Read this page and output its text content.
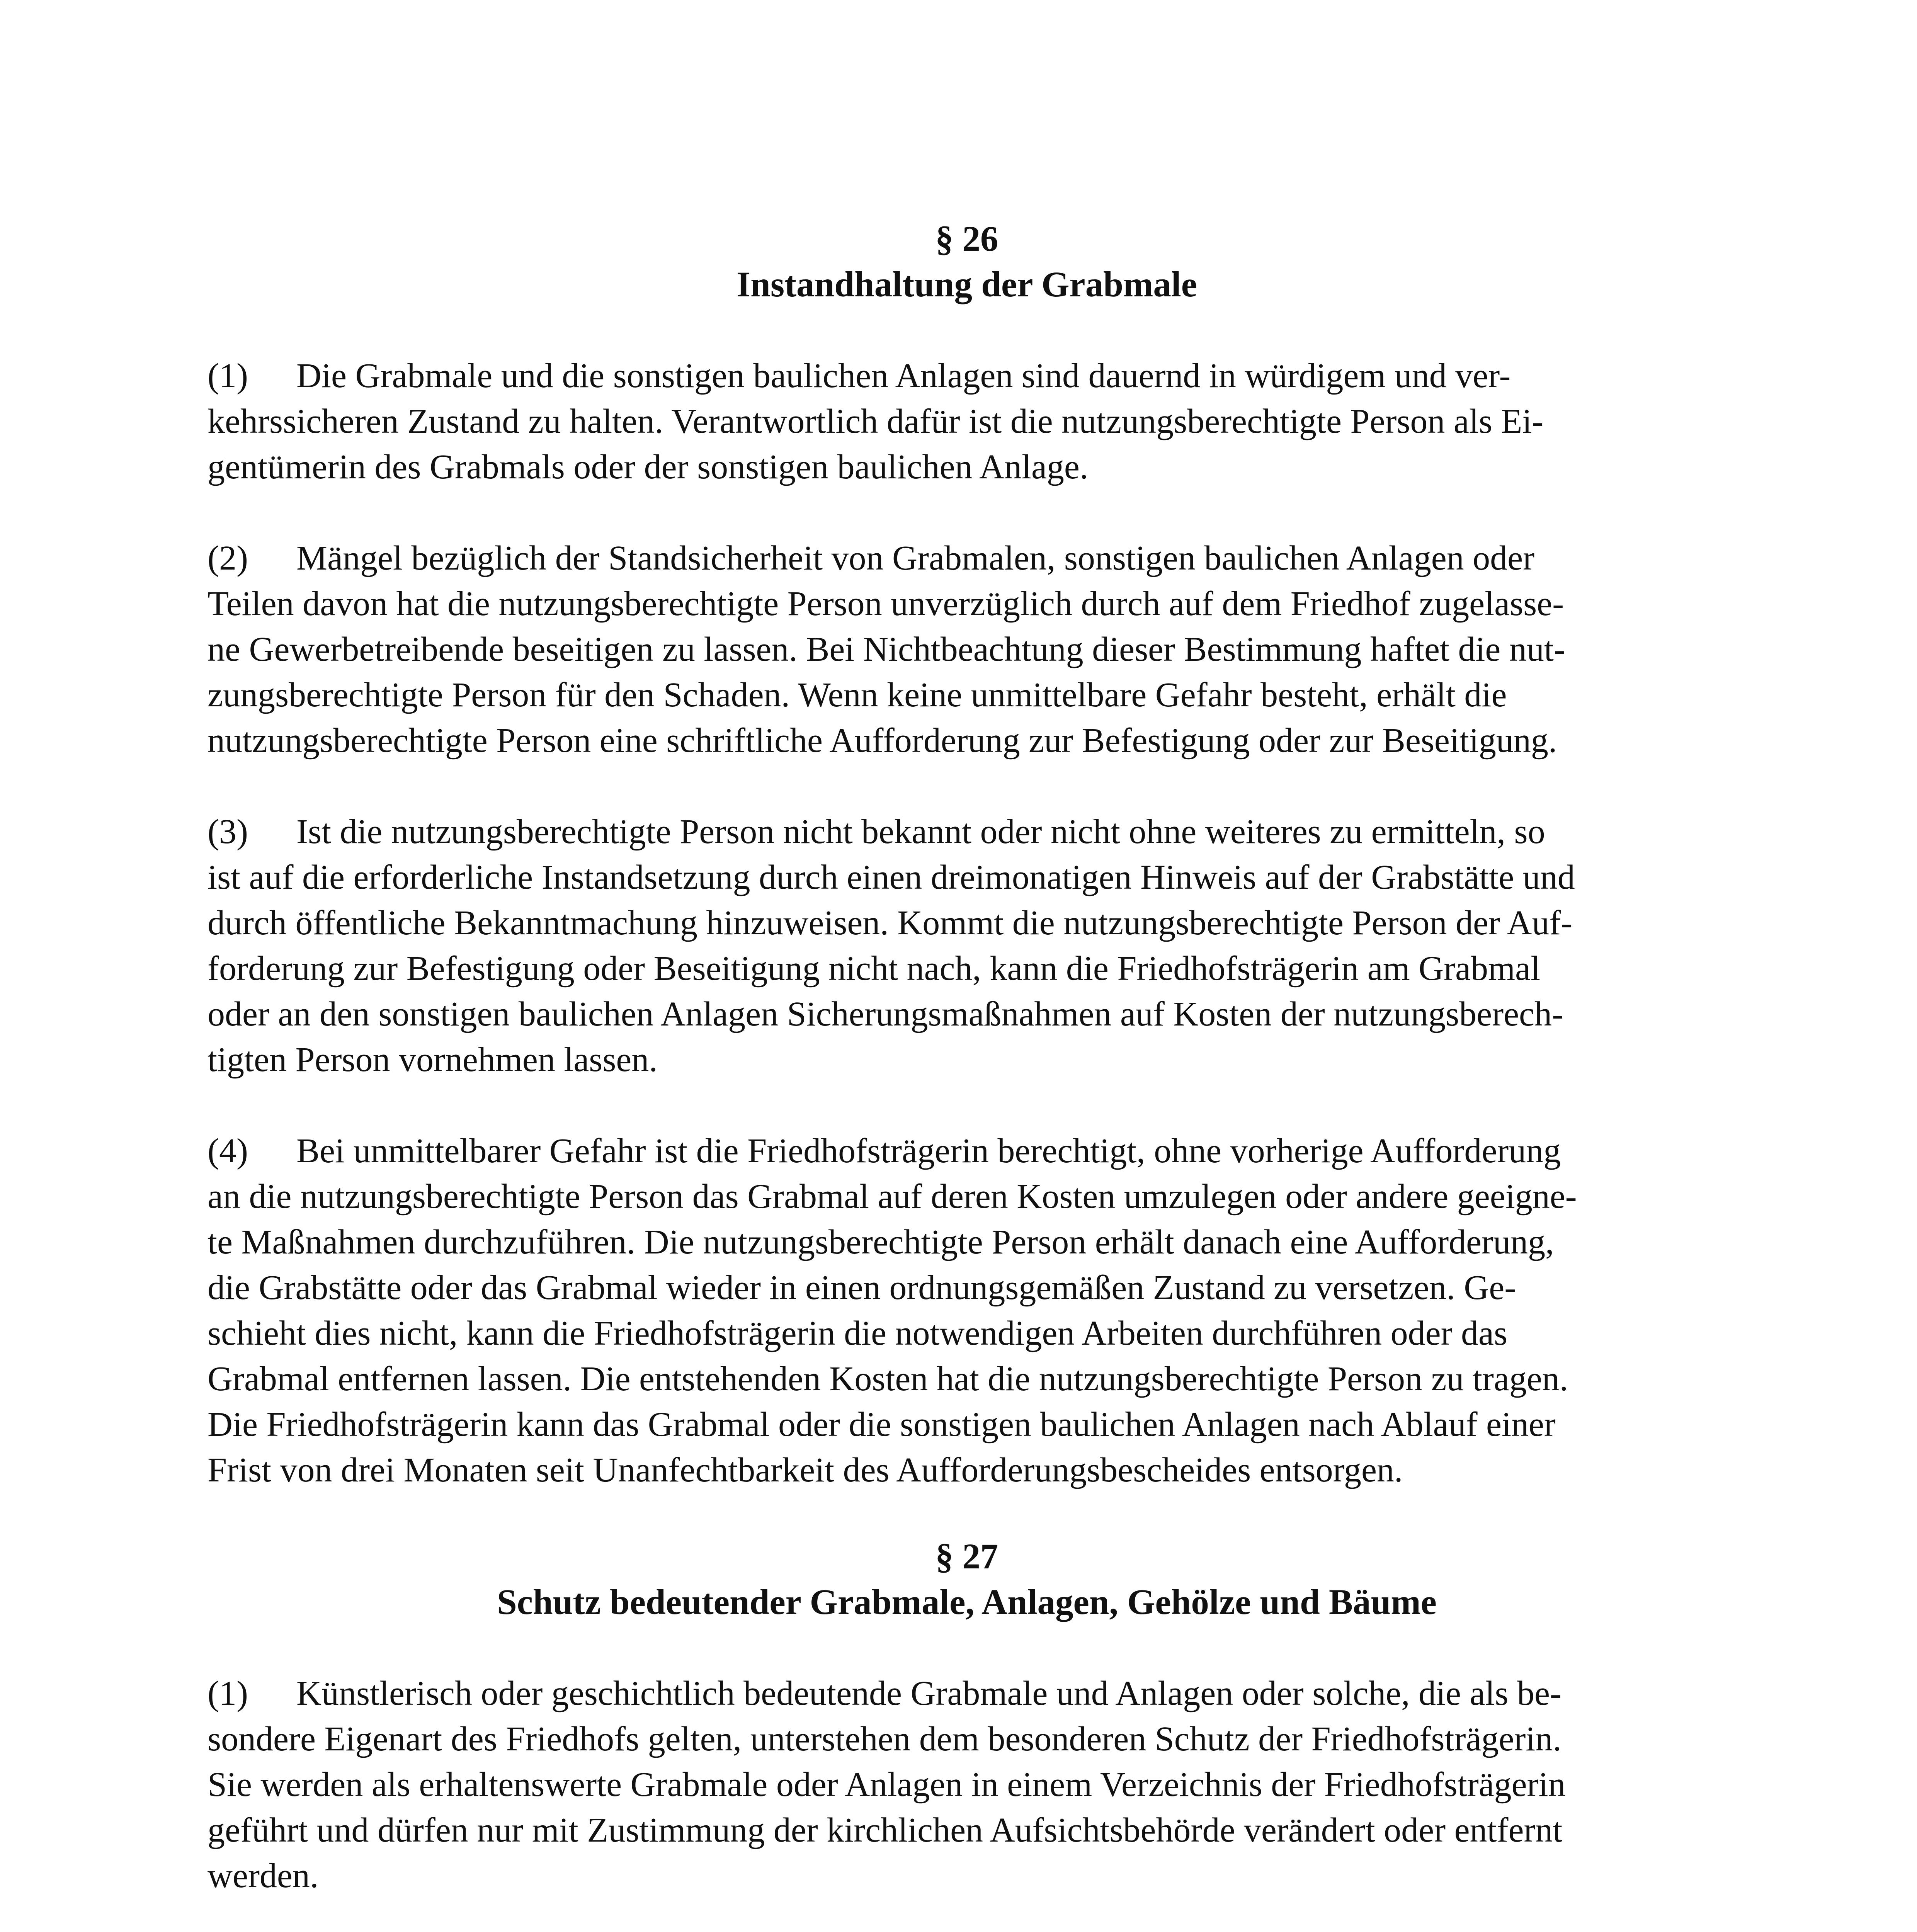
§ 26

Instandhaltung der Grabmale

(1) Die Grabmale und die sonstigen baulichen Anlagen sind dauernd in würdigem und ver-

kehrssicheren Zustand zu halten. Verantwortlich dafür ist die nutzungsberechtigte Person als Ei-

gentümerin des Grabmals oder der sonstigen baulichen Anlage.

(2) Mängel bezüglich der Standsicherheit von Grabmalen, sonstigen baulichen Anlagen oder

Teilen davon hat die nutzungsberechtigte Person unverzüglich durch auf dem Friedhof zugelasse-

ne Gewerbetreibende beseitigen zu lassen. Bei Nichtbeachtung dieser Bestimmung haftet die nut-

zungsberechtigte Person für den Schaden. Wenn keine unmittelbare Gefahr besteht, erhält die

nutzungsberechtigte Person eine schriftliche Aufforderung zur Befestigung oder zur Beseitigung.

(3) Ist die nutzungsberechtigte Person nicht bekannt oder nicht ohne weiteres zu ermitteln, so

ist auf die erforderliche Instandsetzung durch einen dreimonatigen Hinweis auf der Grabstätte und

durch öffentliche Bekanntmachung hinzuweisen. Kommt die nutzungsberechtigte Person der Auf-

forderung zur Befestigung oder Beseitigung nicht nach, kann die Friedhofsträgerin am Grabmal

oder an den sonstigen baulichen Anlagen Sicherungsmaßnahmen auf Kosten der nutzungsberech-

tigten Person vornehmen lassen.

(4) Bei unmittelbarer Gefahr ist die Friedhofsträgerin berechtigt, ohne vorherige Aufforderung

an die nutzungsberechtigte Person das Grabmal auf deren Kosten umzulegen oder andere geeigne-

te Maßnahmen durchzuführen. Die nutzungsberechtigte Person erhält danach eine Aufforderung,

die Grabstätte oder das Grabmal wieder in einen ordnungsgemäßen Zustand zu versetzen. Ge-

schieht dies nicht, kann die Friedhofsträgerin die notwendigen Arbeiten durchführen oder das

Grabmal entfernen lassen. Die entstehenden Kosten hat die nutzungsberechtigte Person zu tragen.

Die Friedhofsträgerin kann das Grabmal oder die sonstigen baulichen Anlagen nach Ablauf einer

Frist von drei Monaten seit Unanfechtbarkeit des Aufforderungsbescheides entsorgen.

§ 27

Schutz bedeutender Grabmale, Anlagen, Gehölze und Bäume

(1) Künstlerisch oder geschichtlich bedeutende Grabmale und Anlagen oder solche, die als be-

sondere Eigenart des Friedhofs gelten, unterstehen dem besonderen Schutz der Friedhofsträgerin.

Sie werden als erhaltenswerte Grabmale oder Anlagen in einem Verzeichnis der Friedhofsträgerin

geführt und dürfen nur mit Zustimmung der kirchlichen Aufsichtsbehörde verändert oder entfernt

werden.
